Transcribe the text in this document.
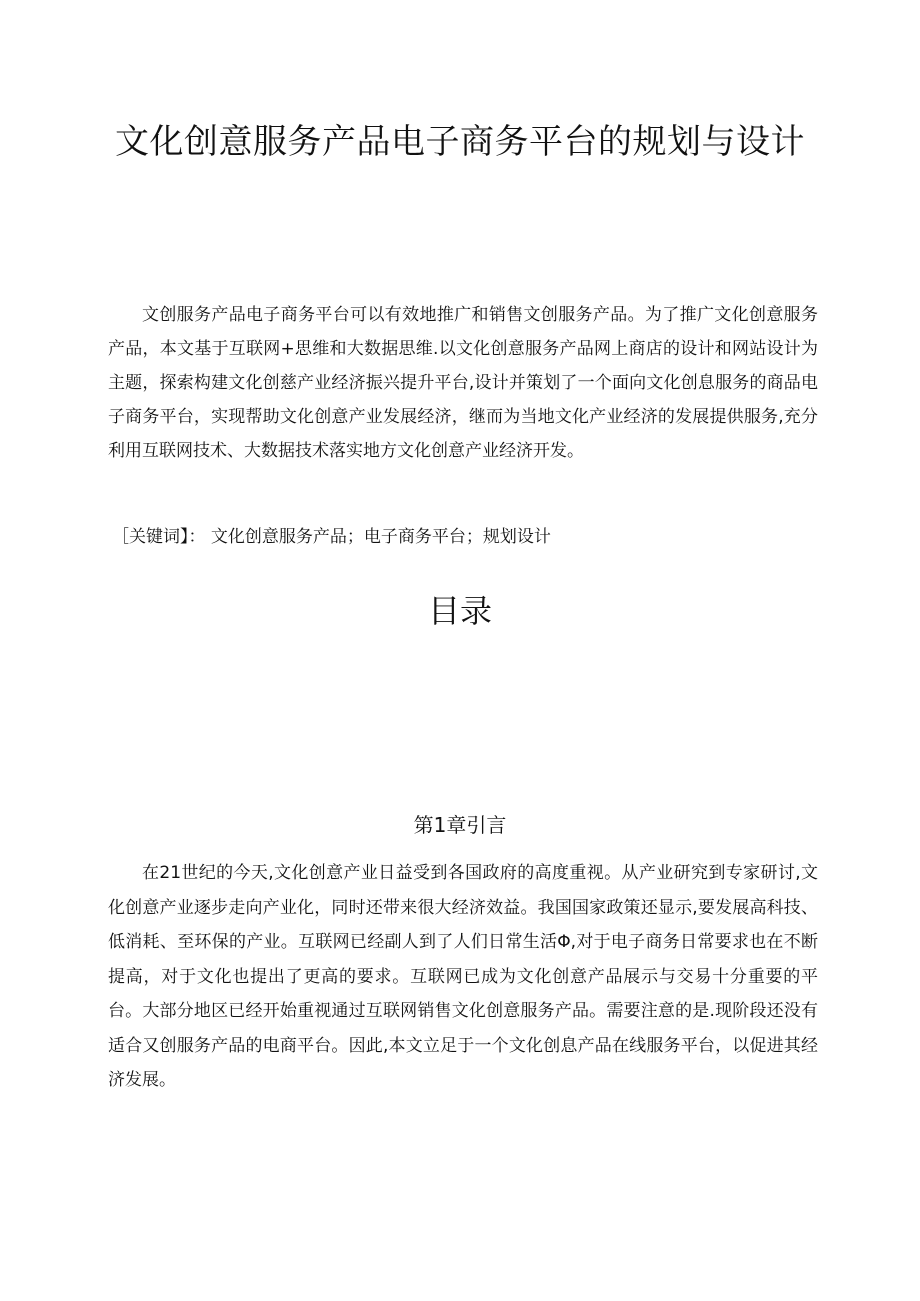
文化创意服务产品电子商务平台的规划与设计

文创服务产品电子商务平台可以有效地推广和销售文创服务产品。为了推广文化创意服务产品，本文基于互联网+思维和大数据思维.以文化创意服务产品网上商店的设计和网站设计为主题，探索构建文化创慈产业经济振兴提升平台,设计并策划了一个面向文化创息服务的商品电子商务平台，实现帮助文化创意产业发展经济，继而为当地文化产业经济的发展提供服务,充分利用互联网技术、大数据技术落实地方文化创意产业经济开发。

［关键词】： 文化创意服务产品；电子商务平台；规划设计
目录
第1章引言

在21世纪的今天,文化创意产业日益受到各国政府的高度重视。从产业研究到专家研讨,文化创意产业逐步走向产业化，同时还带来很大经济效益。我国国家政策还显示,要发展高科技、低消耗、至环保的产业。互联网已经副人到了人们日常生活Φ,对于电子商务日常要求也在不断提高，对于文化也提出了更高的要求。互联网已成为文化创意产品展示与交易十分重要的平台。大部分地区已经开始重视通过互联网销售文化创意服务产品。需要注意的是.现阶段还没有适合又创服务产品的电商平台。因此,本文立足于一个文化创息产品在线服务平台，以促进其经济发展。
